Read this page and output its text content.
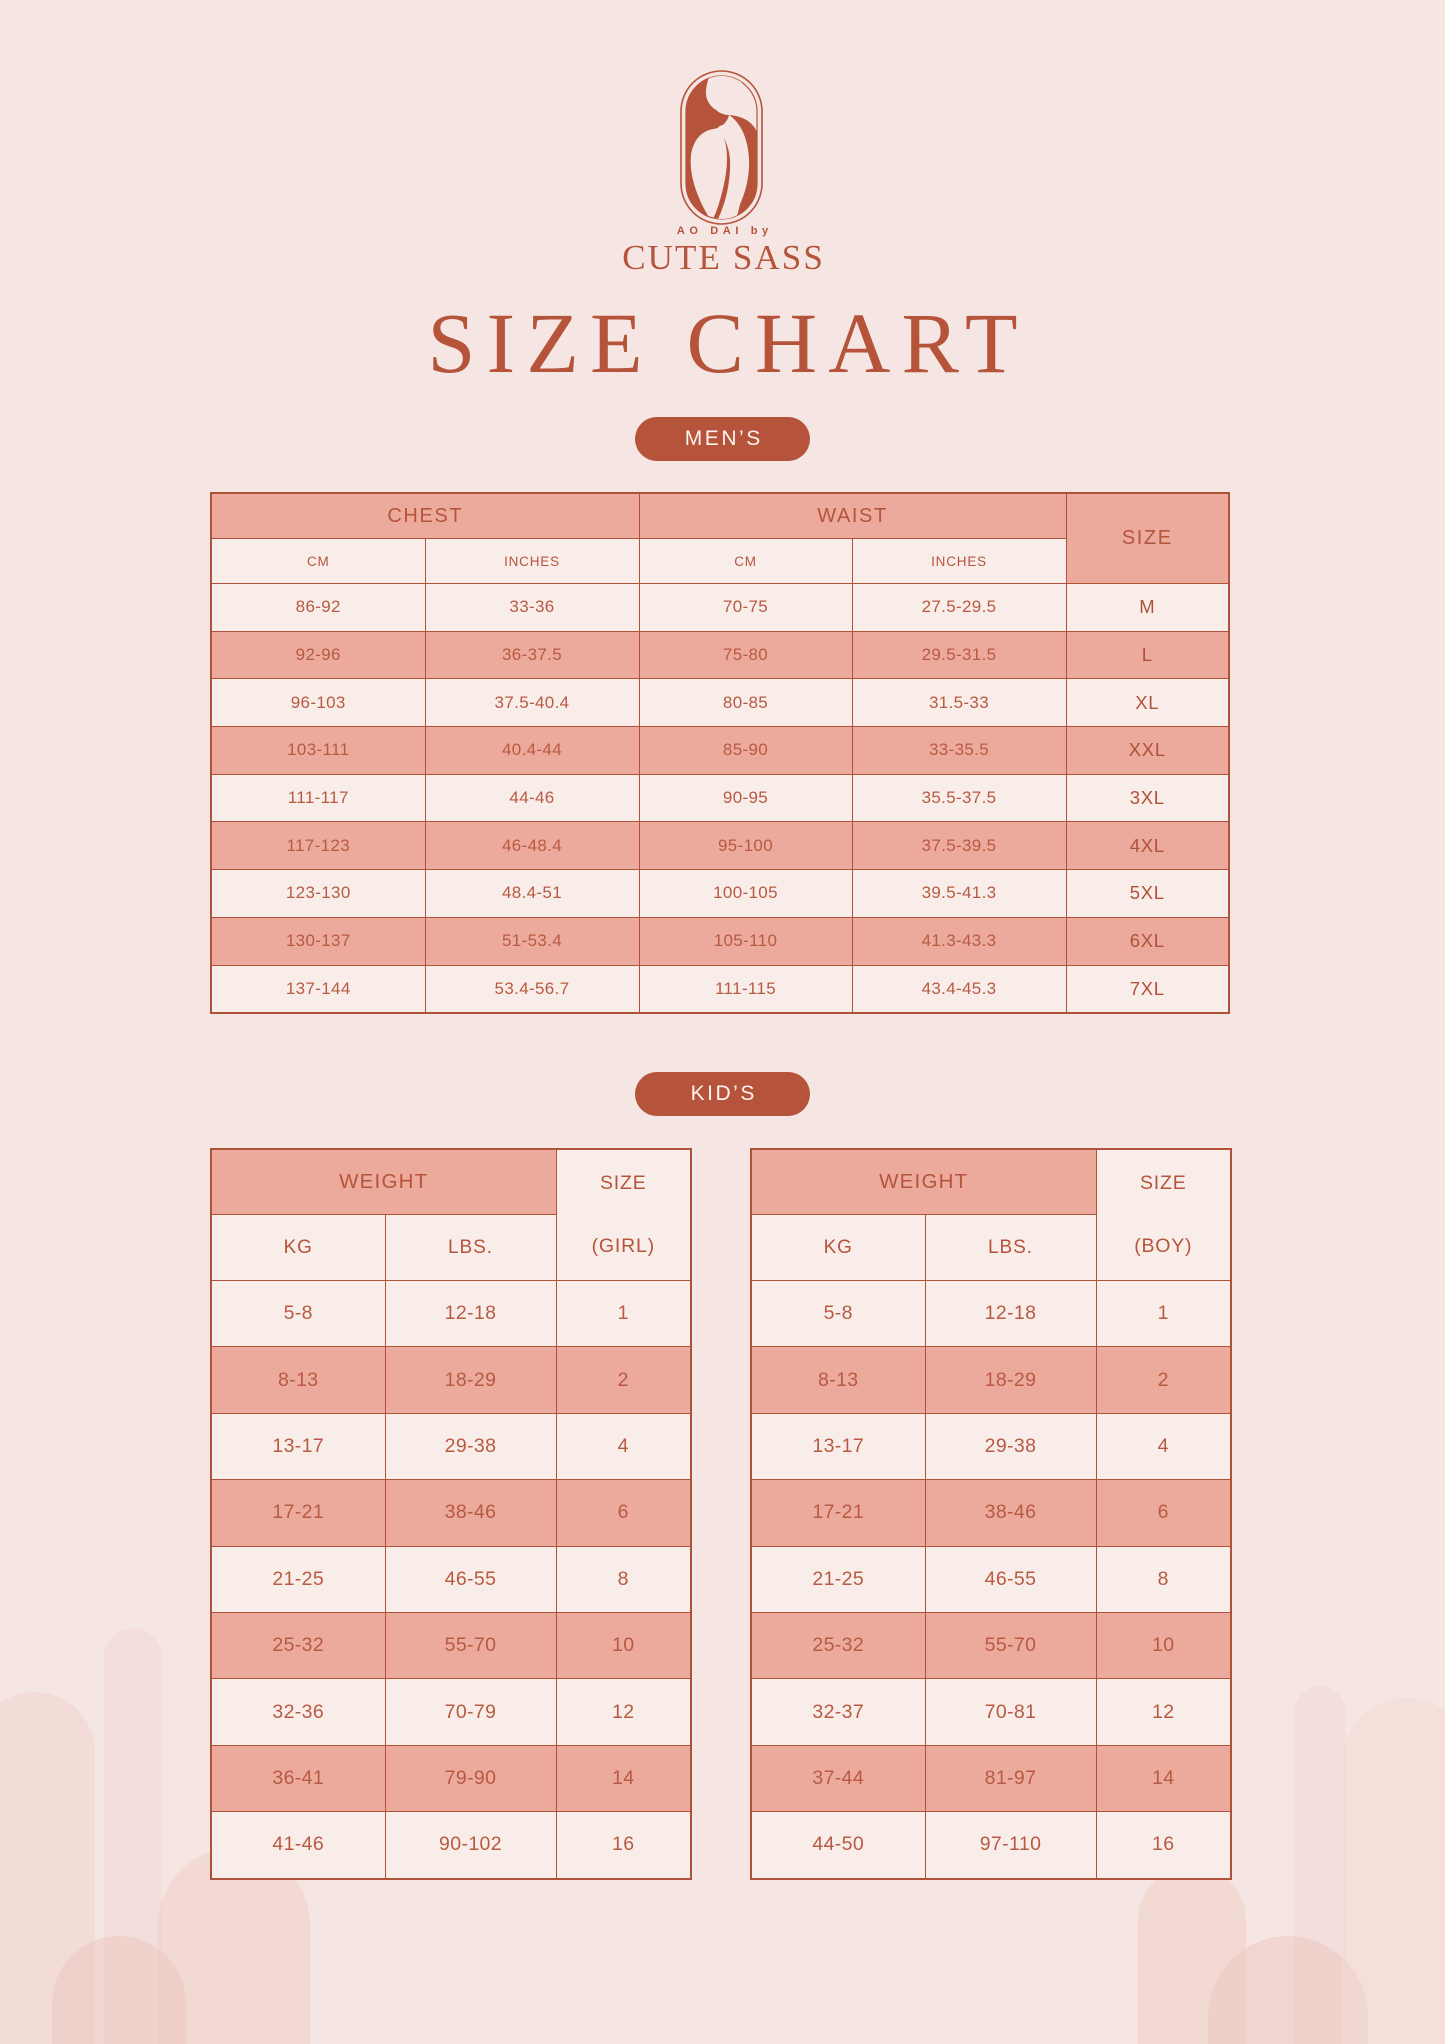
AO DAI by
CUTE SASS
SIZE CHART
MEN’S
CHEST		WAIST		SIZE
CM	INCHES	CM	INCHES	
86-92	33-36	70-75	27.5-29.5	M
92-96	36-37.5	75-80	29.5-31.5	L
96-103	37.5-40.4	80-85	31.5-33	XL
103-111	40.4-44	85-90	33-35.5	XXL
111-117	44-46	90-95	35.5-37.5	3XL
117-123	46-48.4	95-100	37.5-39.5	4XL
123-130	48.4-51	100-105	39.5-41.3	5XL
130-137	51-53.4	105-110	41.3-43.3	6XL
137-144	53.4-56.7	111-115	43.4-45.3	7XL
KID’S
WEIGHT		SIZE
(GIRL)

KG	LBS.	
5-8	12-18	1
8-13	18-29	2
13-17	29-38	4
17-21	38-46	6
21-25	46-55	8
25-32	55-70	10
32-36	70-79	12
36-41	79-90	14
41-46	90-102	16
WEIGHT		SIZE
(BOY)

KG	LBS.	
5-8	12-18	1
8-13	18-29	2
13-17	29-38	4
17-21	38-46	6
21-25	46-55	8
25-32	55-70	10
32-37	70-81	12
37-44	81-97	14
44-50	97-110	16
